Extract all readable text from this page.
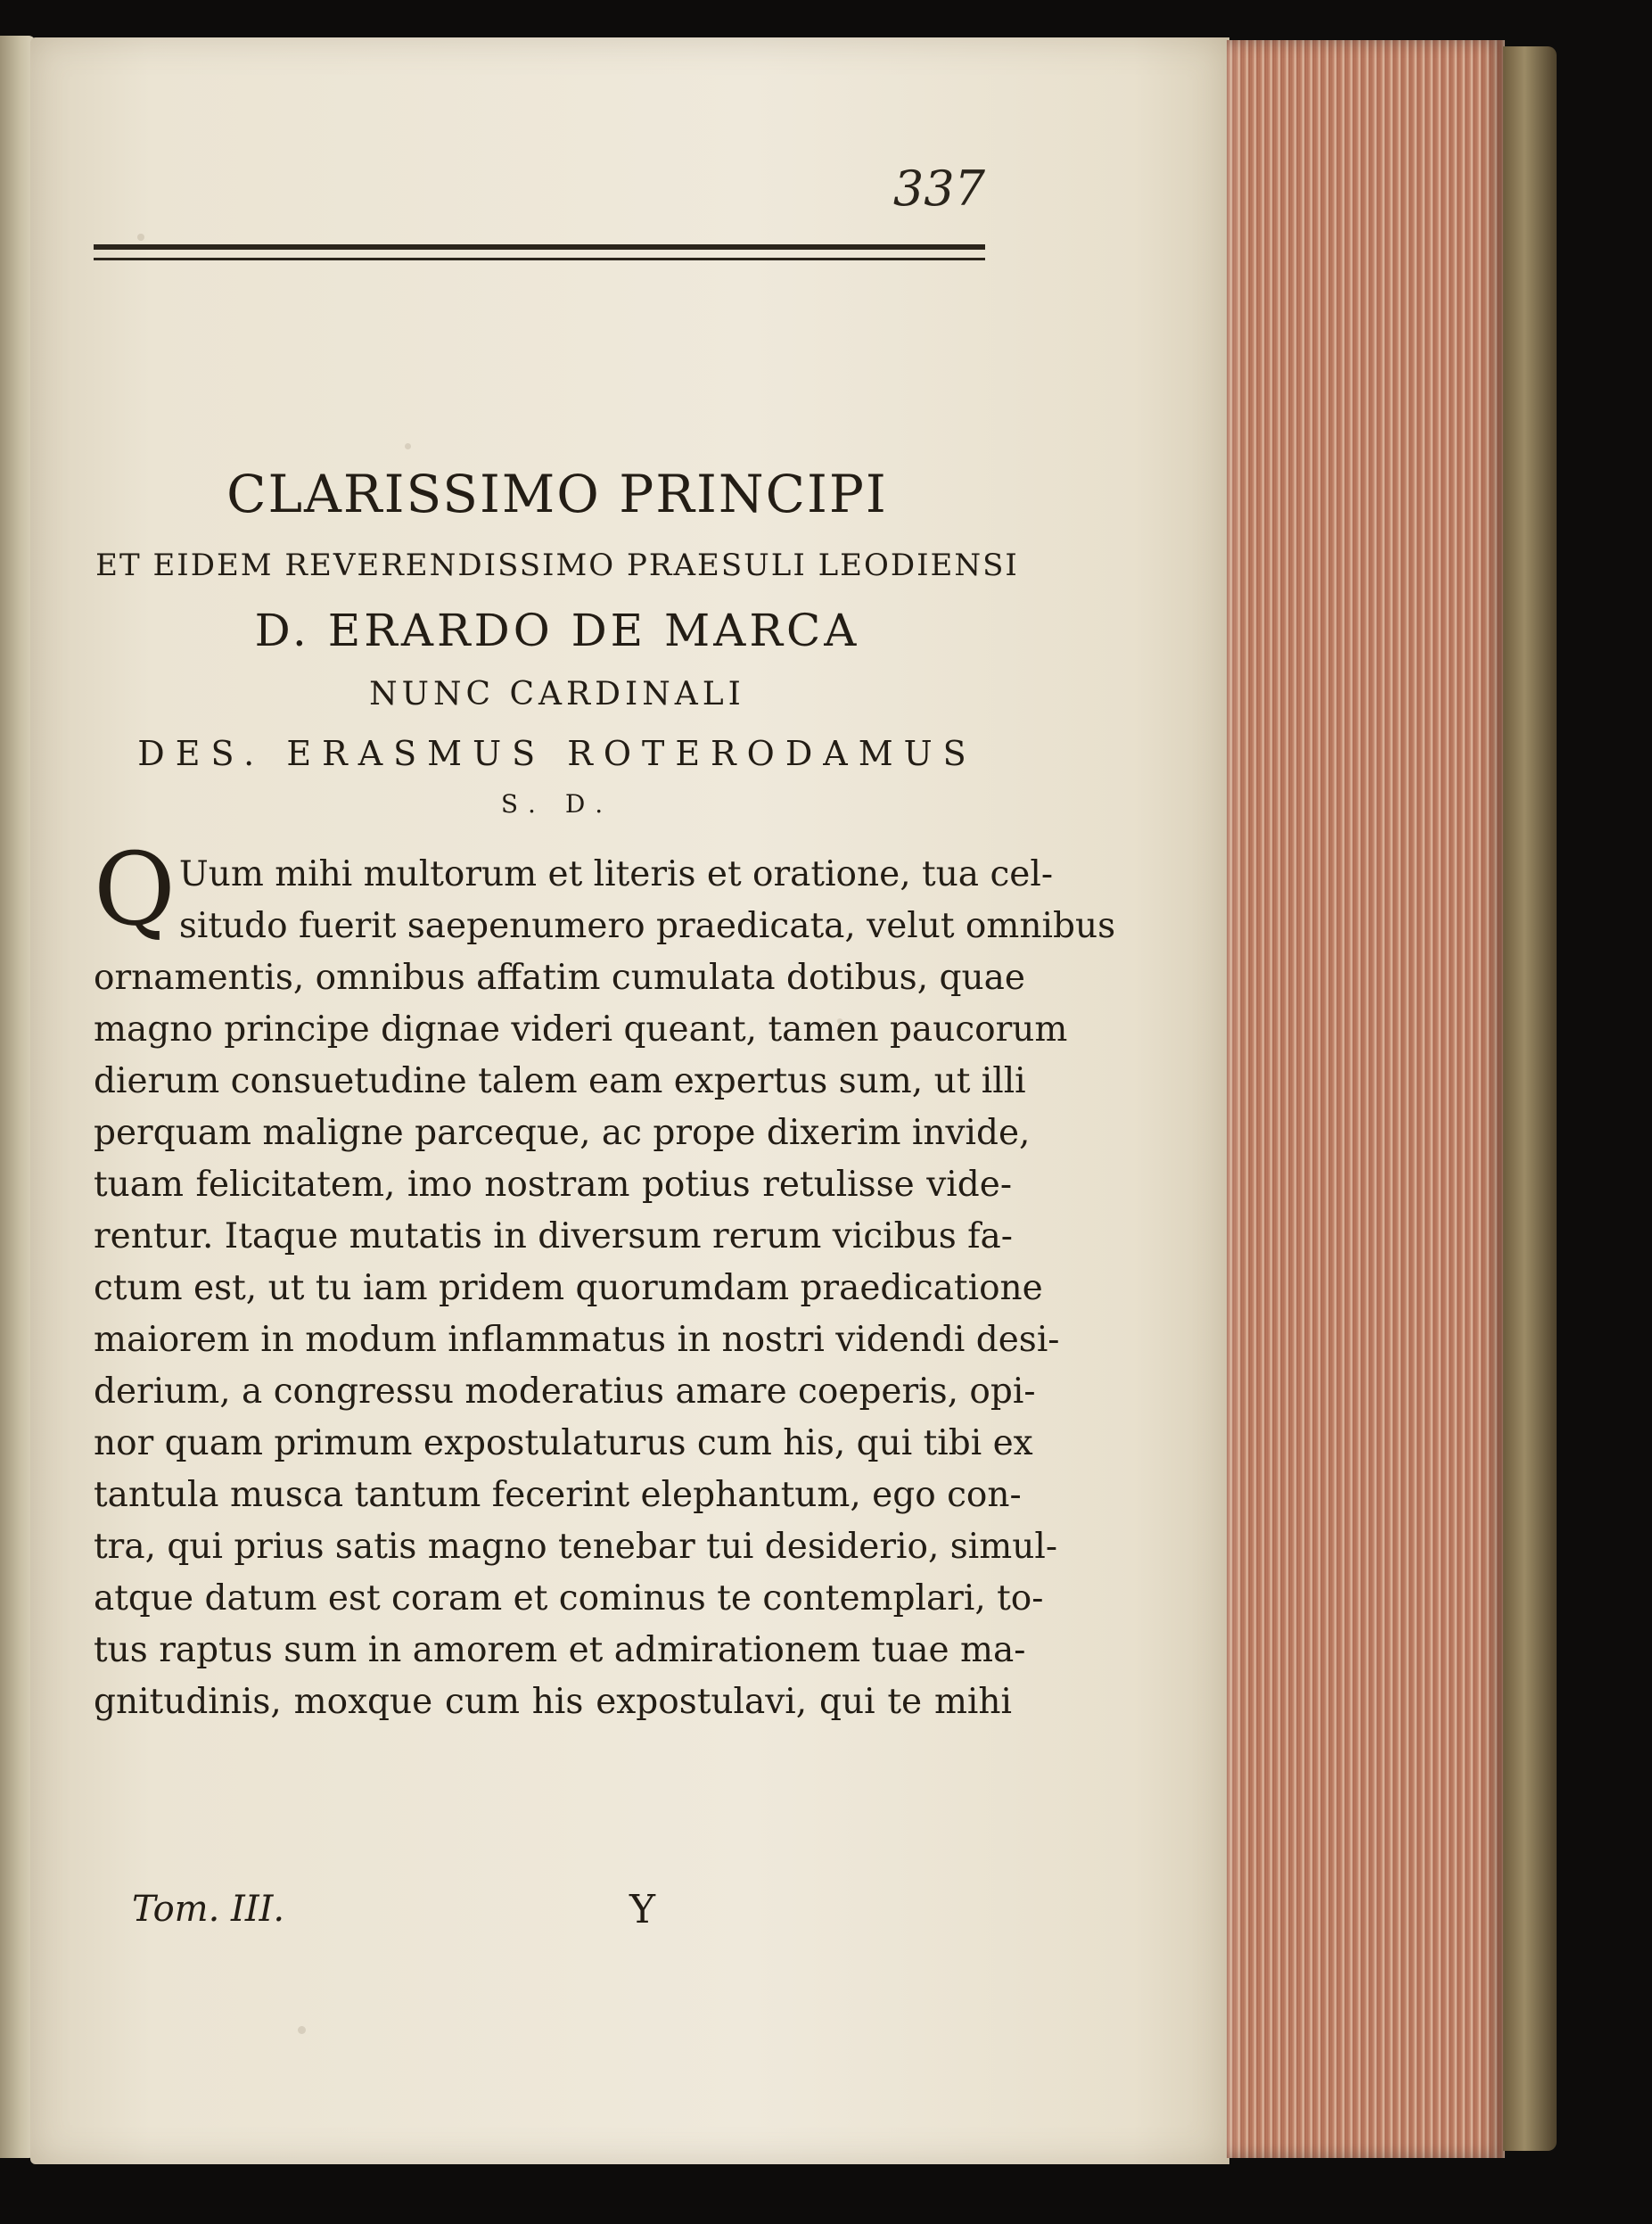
337
CLARISSIMO PRINCIPI
ET EIDEM REVERENDISSIMO PRAESULI LEODIENSI
D. ERARDO DE MARCA
NUNC CARDINALI
DES. ERASMUS ROTERODAMUS
S. D.
Q Uum mihi multorum et literis et oratione, tua cel-
situdo fuerit saepenumero praedicata, velut omnibus
ornamentis, omnibus affatim cumulata dotibus, quae
magno principe dignae videri queant, tamen paucorum
dierum consuetudine talem eam expertus sum, ut illi
perquam maligne parceque, ac prope dixerim invide,
tuam felicitatem, imo nostram potius retulisse vide-
rentur. Itaque mutatis in diversum rerum vicibus fa-
ctum est, ut tu iam pridem quorumdam praedicatione
maiorem in modum inflammatus in nostri videndi desi-
derium, a congressu moderatius amare coeperis, opi-
nor quam primum expostulaturus cum his, qui tibi ex
tantula musca tantum fecerint elephantum, ego con-
tra, qui prius satis magno tenebar tui desiderio, simul-
atque datum est coram et cominus te contemplari, to-
tus raptus sum in amorem et admirationem tuae ma-
gnitudinis, moxque cum his expostulavi, qui te mihi
Tom. III.	Y
